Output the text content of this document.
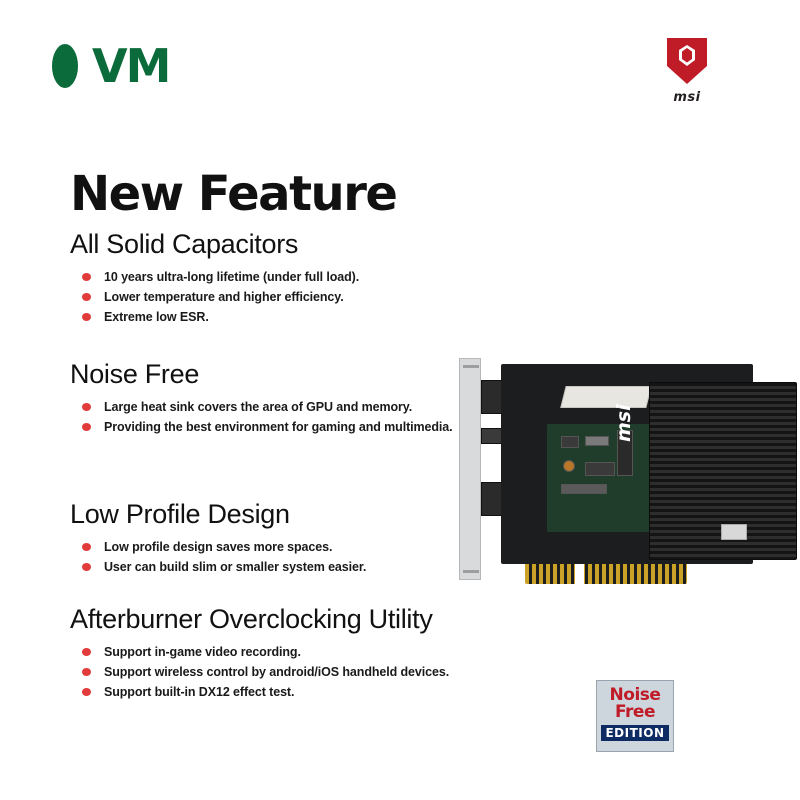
VM
msi
New Feature
All Solid Capacitors
10 years ultra-long lifetime (under full load).
Lower temperature and higher efficiency.
Extreme low ESR.
Noise Free
Large heat sink covers the area of GPU and memory.
Providing the best environment for gaming and multimedia.
Low Profile Design
Low profile design saves more spaces.
User can build slim or smaller system easier.
Afterburner Overclocking Utility
Support in-game video recording.
Support wireless control by android/iOS handheld devices.
Support built-in DX12 effect test.
msi
Noise
Free
EDITION
